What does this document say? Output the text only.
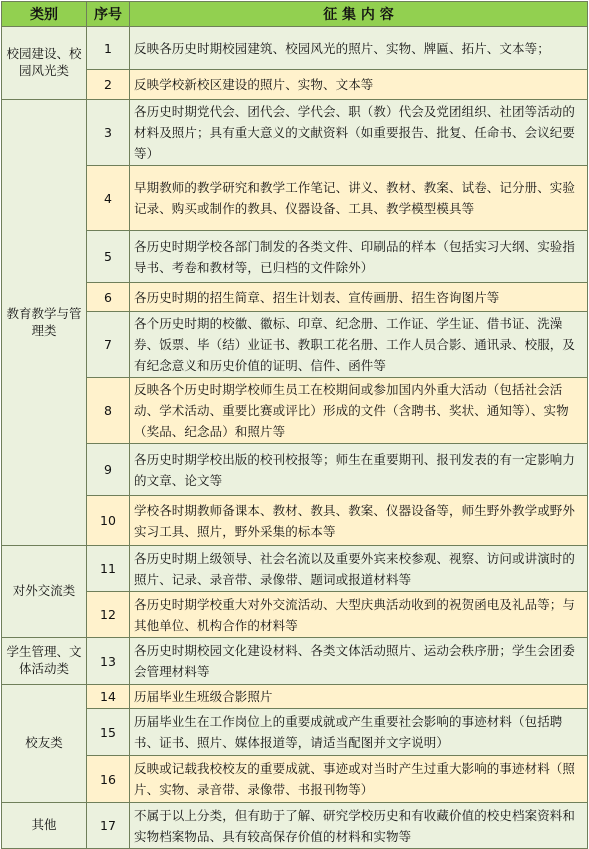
类别	序号	征 集 内 容
校园建设、校园风光类	1	反映各历史时期校园建筑、校园风光的照片、实物、牌匾、拓片、文本等；
	2	反映学校新校区建设的照片、实物、文本等
教育教学与管理类	3	各历史时期党代会、团代会、学代会、职（教）代会及党团组织、社团等活动的材料及照片；具有重大意义的文献资料（如重要报告、批复、任命书、会议纪要等）
	4	早期教师的教学研究和教学工作笔记、讲义、教材、教案、试卷、记分册、实验记录、购买或制作的教具、仪器设备、工具、教学模型模具等
	5	各历史时期学校各部门制发的各类文件、印刷品的样本（包括实习大纲、实验指导书、考卷和教材等，已归档的文件除外）
	6	各历史时期的招生简章、招生计划表、宣传画册、招生咨询图片等
	7	各个历史时期的校徽、徽标、印章、纪念册、工作证、学生证、借书证、洗澡券、饭票、毕（结）业证书、教职工花名册、工作人员合影、通讯录、校服，及有纪念意义和历史价值的证明、信件、函件等
	8	反映各个历史时期学校师生员工在校期间或参加国内外重大活动（包括社会活动、学术活动、重要比赛或评比）形成的文件（含聘书、奖状、通知等）、实物（奖品、纪念品）和照片等
	9	各历史时期学校出版的校刊校报等；师生在重要期刊、报刊发表的有一定影响力的文章、论文等
	10	学校各时期教师备课本、教材、教具、教案、仪器设备等，师生野外教学或野外实习工具、照片，野外采集的标本等
对外交流类	11	各历史时期上级领导、社会名流以及重要外宾来校参观、视察、访问或讲演时的照片、记录、录音带、录像带、题词或报道材料等
	12	各历史时期学校重大对外交流活动、大型庆典活动收到的祝贺函电及礼品等；与其他单位、机构合作的材料等
学生管理、文体活动类	13	各历史时期校园文化建设材料、各类文体活动照片、运动会秩序册；学生会团委会管理材料等
校友类	14	历届毕业生班级合影照片
	15	历届毕业生在工作岗位上的重要成就或产生重要社会影响的事迹材料（包括聘书、证书、照片、媒体报道等，请适当配图并文字说明）
	16	反映或记载我校校友的重要成就、事迹或对当时产生过重大影响的事迹材料（照片、实物、录音带、录像带、书报刊物等）
其他	17	不属于以上分类，但有助于了解、研究学校历史和有收藏价值的校史档案资料和实物档案物品、具有较高保存价值的材料和实物等
